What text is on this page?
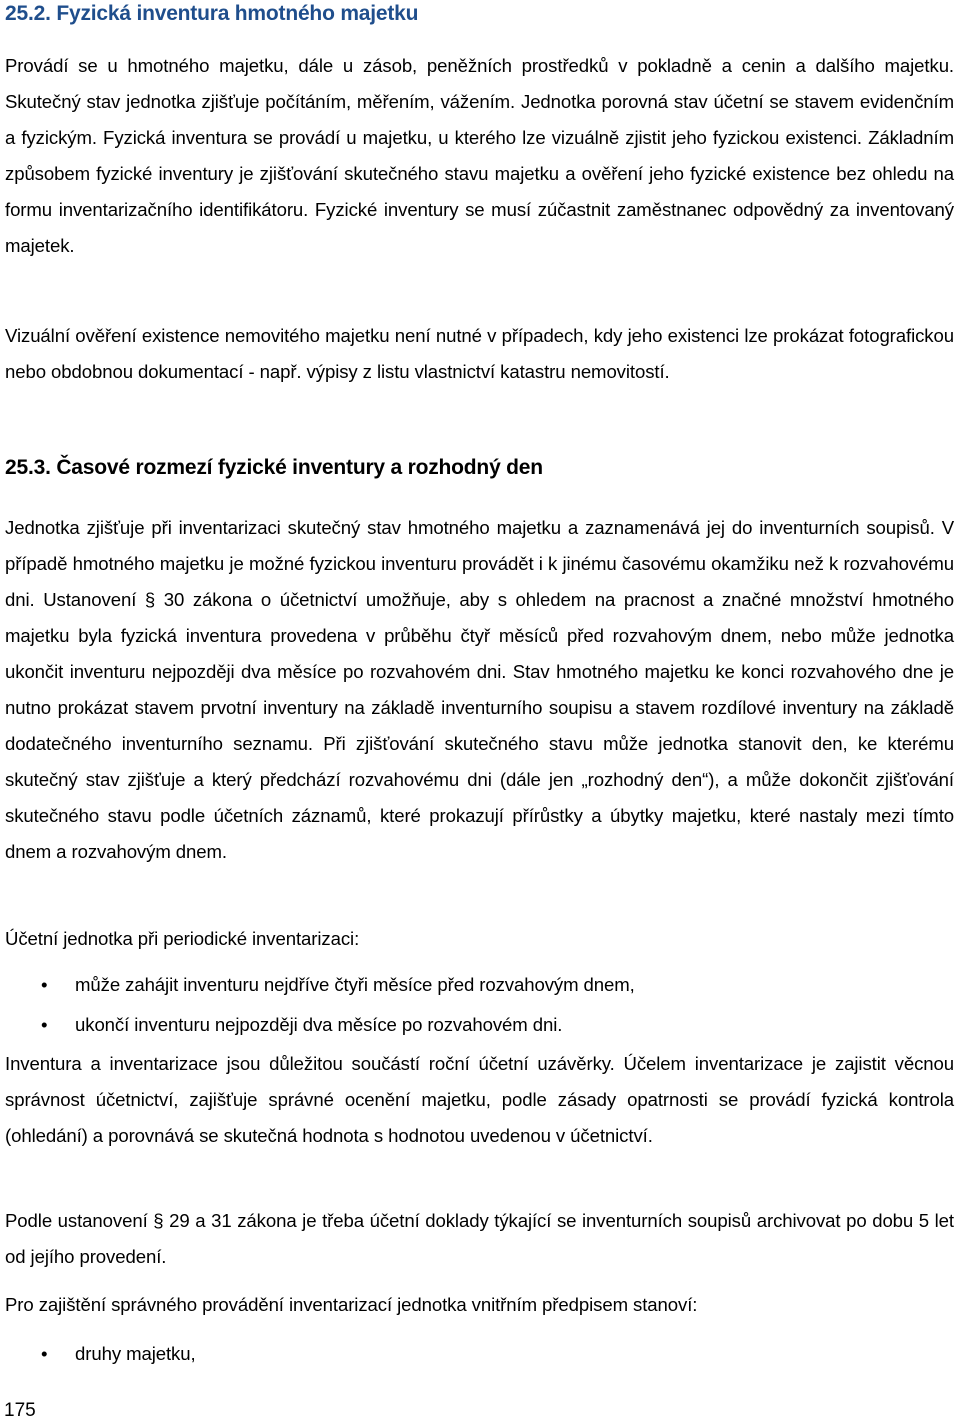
25.2. Fyzická inventura hmotného majetku
Provádí se u hmotného majetku, dále u zásob, peněžních prostředků v pokladně a cenin a dalšího majetku. Skutečný stav jednotka zjišťuje počítáním, měřením, vážením. Jednotka porovná stav účetní se stavem evidenčním a fyzickým. Fyzická inventura se provádí u majetku, u kterého lze vizuálně zjistit jeho fyzickou existenci. Základním způsobem fyzické inventury je zjišťování skutečného stavu majetku a ověření jeho fyzické existence bez ohledu na formu inventarizačního identifikátoru. Fyzické inventury se musí zúčastnit zaměstnanec odpovědný za inventovaný majetek.
Vizuální ověření existence nemovitého majetku není nutné v případech, kdy jeho existenci lze prokázat fotografickou nebo obdobnou dokumentací - např. výpisy z listu vlastnictví katastru nemovitostí.
25.3. Časové rozmezí fyzické inventury a rozhodný den
Jednotka zjišťuje při inventarizaci skutečný stav hmotného majetku a zaznamenává jej do inventurních soupisů. V případě hmotného majetku je možné fyzickou inventuru provádět i k jinému časovému okamžiku než k rozvahovému dni. Ustanovení § 30 zákona o účetnictví umožňuje, aby s ohledem na pracnost a značné množství hmotného majetku byla fyzická inventura provedena v průběhu čtyř měsíců před rozvahovým dnem, nebo může jednotka ukončit inventuru nejpozději dva měsíce po rozvahovém dni. Stav hmotného majetku ke konci rozvahového dne je nutno prokázat stavem prvotní inventury na základě inventurního soupisu a stavem rozdílové inventury na základě dodatečného inventurního seznamu. Při zjišťování skutečného stavu může jednotka stanovit den, ke kterému skutečný stav zjišťuje a který předchází rozvahovému dni (dále jen „rozhodný den“), a může dokončit zjišťování skutečného stavu podle účetních záznamů, které prokazují přírůstky a úbytky majetku, které nastaly mezi tímto dnem a rozvahovým dnem.
Účetní jednotka při periodické inventarizaci:
• může zahájit inventuru nejdříve čtyři měsíce před rozvahovým dnem,
• ukončí inventuru nejpozději dva měsíce po rozvahovém dni.
Inventura a inventarizace jsou důležitou součástí roční účetní uzávěrky. Účelem inventarizace je zajistit věcnou správnost účetnictví, zajišťuje správné ocenění majetku, podle zásady opatrnosti se provádí fyzická kontrola (ohledání) a porovnává se skutečná hodnota s hodnotou uvedenou v účetnictví.
Podle ustanovení § 29 a 31 zákona je třeba účetní doklady týkající se inventurních soupisů archivovat po dobu 5 let od jejího provedení.
Pro zajištění správného provádění inventarizací jednotka vnitřním předpisem stanoví:
• druhy majetku,
175
